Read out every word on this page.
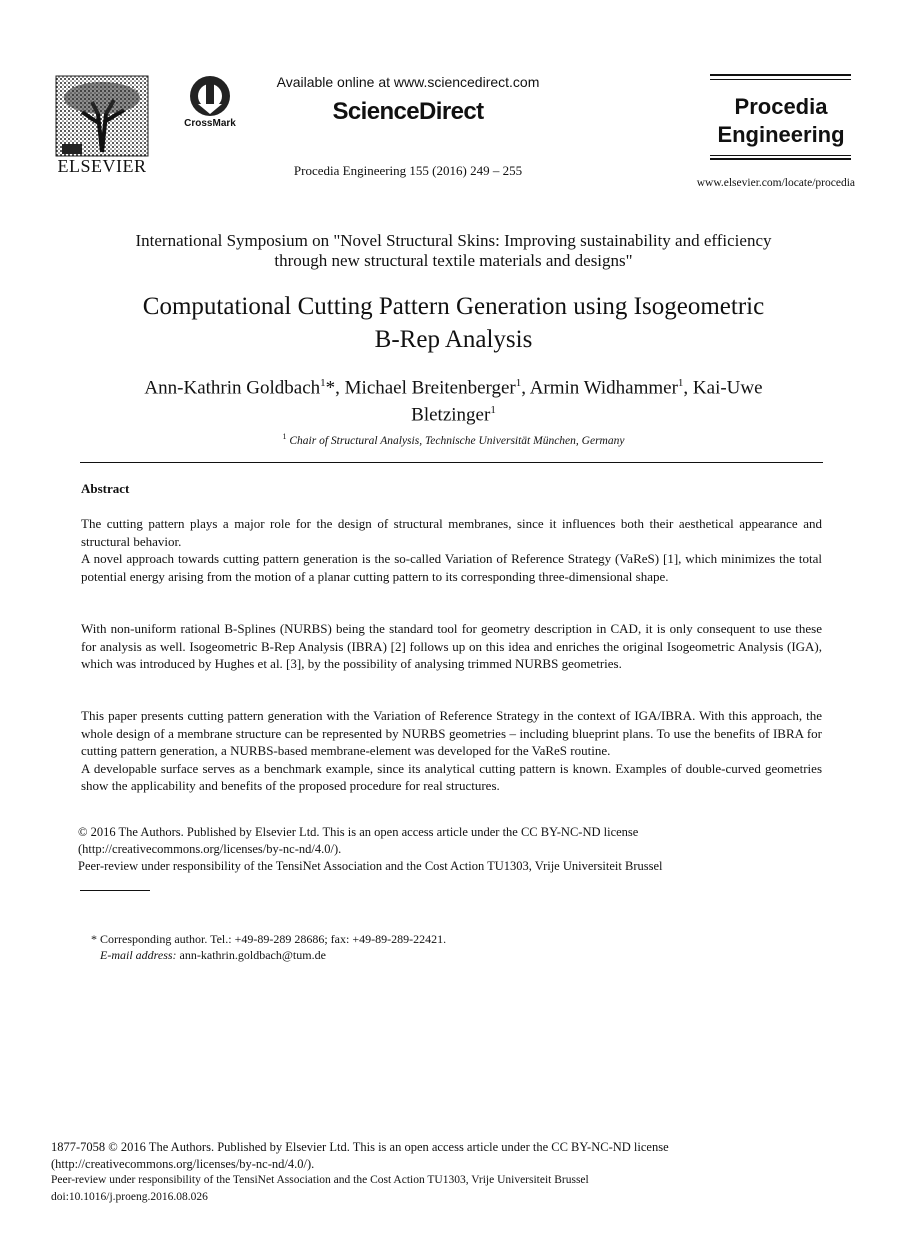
ELSEVIER
CrossMark
Available online at www.sciencedirect.com
ScienceDirect
Procedia Engineering 155 (2016) 249 – 255
Procedia
Engineering
www.elsevier.com/locate/procedia
International Symposium on "Novel Structural Skins: Improving sustainability and efficiency
through new structural textile materials and designs"
Computational Cutting Pattern Generation using Isogeometric
B-Rep Analysis
Ann-Kathrin Goldbach$^1$*, Michael Breitenberger$^1$, Armin Widhammer$^1$, Kai-Uwe
Bletzinger$^1$
$^1$ Chair of Structural Analysis, Technische Universität München, Germany
Abstract
The cutting pattern plays a major role for the design of structural membranes, since it influences both their aesthetical appearance and structural behavior.
A novel approach towards cutting pattern generation is the so-called Variation of Reference Strategy (VaReS) [1], which minimizes the total potential energy arising from the motion of a planar cutting pattern to its corresponding three-dimensional shape.
With non-uniform rational B-Splines (NURBS) being the standard tool for geometry description in CAD, it is only consequent to use these for analysis as well. Isogeometric B-Rep Analysis (IBRA) [2] follows up on this idea and enriches the original Isogeometric Analysis (IGA), which was introduced by Hughes et al. [3], by the possibility of analysing trimmed NURBS geometries.
This paper presents cutting pattern generation with the Variation of Reference Strategy in the context of IGA/IBRA. With this approach, the whole design of a membrane structure can be represented by NURBS geometries – including blueprint plans. To use the benefits of IBRA for cutting pattern generation, a NURBS-based membrane-element was developed for the VaReS routine.
A developable surface serves as a benchmark example, since its analytical cutting pattern is known. Examples of double-curved geometries show the applicability and benefits of the proposed procedure for real structures.
© 2016 The Authors. Published by Elsevier Ltd. This is an open access article under the CC BY-NC-ND license
(http://creativecommons.org/licenses/by-nc-nd/4.0/).
Peer-review under responsibility of the TensiNet Association and the Cost Action TU1303, Vrije Universiteit Brussel
* Corresponding author. Tel.: +49-89-289 28686; fax: +49-89-289-22421.
E-mail address: ann-kathrin.goldbach@tum.de
1877-7058 © 2016 The Authors. Published by Elsevier Ltd. This is an open access article under the CC BY-NC-ND license
(http://creativecommons.org/licenses/by-nc-nd/4.0/).
Peer-review under responsibility of the TensiNet Association and the Cost Action TU1303, Vrije Universiteit Brussel
doi:10.1016/j.proeng.2016.08.026
